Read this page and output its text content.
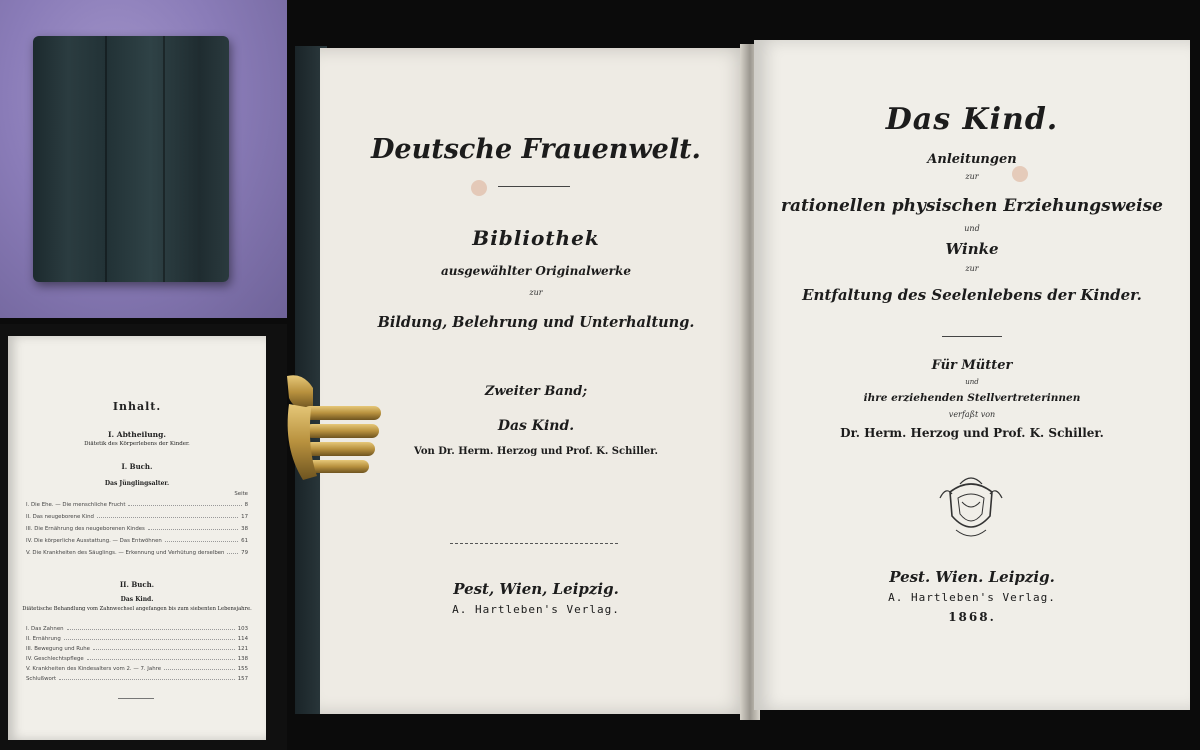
Inhalt.
I. Abtheilung.
Diätetik des Körperlebens der Kinder.
I. Buch.
Das Jünglingsalter.
Seite
I. Die Ehe. — Die menschliche Frucht	8
II. Das neugeborene Kind	17
III. Die Ernährung des neugeborenen Kindes	38
IV. Die körperliche Ausstattung. — Das Entwöhnen	61
V. Die Krankheiten des Säuglings. — Erkennung und Verhütung derselben	79
II. Buch.
Das Kind.
Diätetische Behandlung vom Zahnwechsel angefangen bis zum siebenten Lebensjahre.
I. Das Zahnen	103
II. Ernährung	114
III. Bewegung und Ruhe	121
IV. Geschlechtspflege	138
V. Krankheiten des Kindesalters vom 2. — 7. Jahre	155
Schlußwort	157
Deutsche Frauenwelt.
Bibliothek
ausgewählter Originalwerke
zur
Bildung, Belehrung und Unterhaltung.
Zweiter Band;
Das Kind.
Von Dr. Herm. Herzog und Prof. K. Schiller.
Pest, Wien, Leipzig.
A. Hartleben's Verlag.
Das Kind.
Anleitungen
zur
rationellen physischen Erziehungsweise
und
Winke
zur
Entfaltung des Seelenlebens der Kinder.
Für Mütter
und
ihre erziehenden Stellvertreterinnen
verfaßt von
Dr. Herm. Herzog und Prof. K. Schiller.
Pest. Wien. Leipzig.
A. Hartleben's Verlag.
1868.
